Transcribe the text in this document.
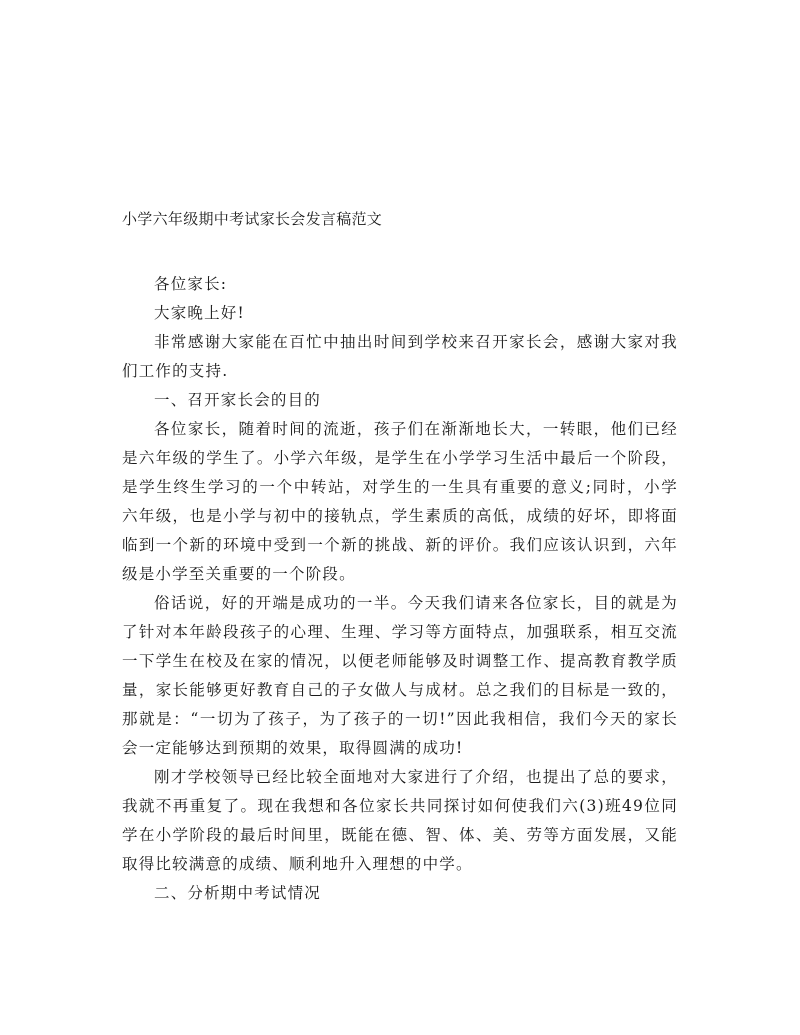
小学六年级期中考试家长会发言稿范文

各位家长:

大家晚上好!

非常感谢大家能在百忙中抽出时间到学校来召开家长会，感谢大家对我们工作的支持.

一、召开家长会的目的

各位家长，随着时间的流逝，孩子们在渐渐地长大，一转眼，他们已经是六年级的学生了。小学六年级，是学生在小学学习生活中最后一个阶段，是学生终生学习的一个中转站，对学生的一生具有重要的意义;同时，小学六年级，也是小学与初中的接轨点，学生素质的高低，成绩的好坏，即将面临到一个新的环境中受到一个新的挑战、新的评价。我们应该认识到，六年级是小学至关重要的一个阶段。

俗话说，好的开端是成功的一半。今天我们请来各位家长，目的就是为了针对本年龄段孩子的心理、生理、学习等方面特点，加强联系，相互交流一下学生在校及在家的情况，以便老师能够及时调整工作、提高教育教学质量，家长能够更好教育自己的子女做人与成材。总之我们的目标是一致的，那就是：“一切为了孩子，为了孩子的一切!”因此我相信，我们今天的家长会一定能够达到预期的效果，取得圆满的成功!

刚才学校领导已经比较全面地对大家进行了介绍，也提出了总的要求，我就不再重复了。现在我想和各位家长共同探讨如何使我们六(3)班49位同学在小学阶段的最后时间里，既能在德、智、体、美、劳等方面发展，又能取得比较满意的成绩、顺利地升入理想的中学。

二、分析期中考试情况
